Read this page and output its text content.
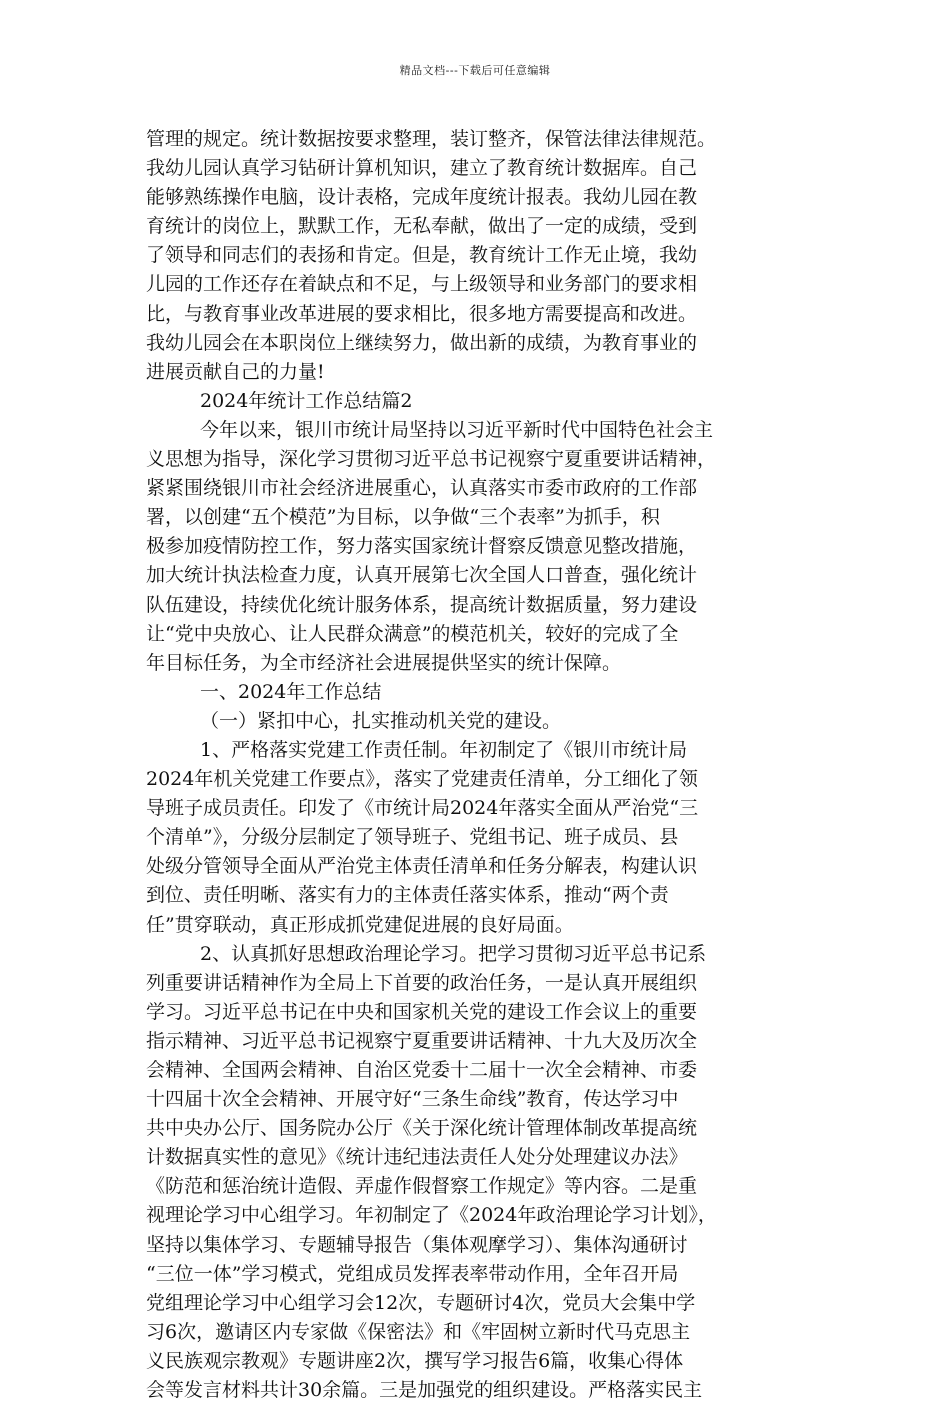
精品文档---下载后可任意编辑
管理的规定。统计数据按要求整理，装订整齐，保管法律法律规范。
我幼儿园认真学习钻研计算机知识，建立了教育统计数据库。自己
能够熟练操作电脑，设计表格，完成年度统计报表。我幼儿园在教
育统计的岗位上，默默工作，无私奉献，做出了一定的成绩，受到
了领导和同志们的表扬和肯定。但是，教育统计工作无止境，我幼
儿园的工作还存在着缺点和不足，与上级领导和业务部门的要求相
比，与教育事业改革进展的要求相比，很多地方需要提高和改进。
我幼儿园会在本职岗位上继续努力，做出新的成绩，为教育事业的
进展贡献自己的力量!
2024年统计工作总结篇2
今年以来，银川市统计局坚持以习近平新时代中国特色社会主
义思想为指导，深化学习贯彻习近平总书记视察宁夏重要讲话精神，
紧紧围绕银川市社会经济进展重心，认真落实市委市政府的工作部
署，以创建“五个模范”为目标，以争做“三个表率”为抓手，积
极参加疫情防控工作，努力落实国家统计督察反馈意见整改措施，
加大统计执法检查力度，认真开展第七次全国人口普查，强化统计
队伍建设，持续优化统计服务体系，提高统计数据质量，努力建设
让“党中央放心、让人民群众满意”的模范机关，较好的完成了全
年目标任务，为全市经济社会进展提供坚实的统计保障。
一、2024年工作总结
（一）紧扣中心，扎实推动机关党的建设。
1、严格落实党建工作责任制。年初制定了《银川市统计局
2024年机关党建工作要点》，落实了党建责任清单，分工细化了领
导班子成员责任。印发了《市统计局2024年落实全面从严治党“三
个清单”》，分级分层制定了领导班子、党组书记、班子成员、县
处级分管领导全面从严治党主体责任清单和任务分解表，构建认识
到位、责任明晰、落实有力的主体责任落实体系，推动“两个责
任”贯穿联动，真正形成抓党建促进展的良好局面。
2、认真抓好思想政治理论学习。把学习贯彻习近平总书记系
列重要讲话精神作为全局上下首要的政治任务，一是认真开展组织
学习。习近平总书记在中央和国家机关党的建设工作会议上的重要
指示精神、习近平总书记视察宁夏重要讲话精神、十九大及历次全
会精神、全国两会精神、自治区党委十二届十一次全会精神、市委
十四届十次全会精神、开展守好“三条生命线”教育，传达学习中
共中央办公厅、国务院办公厅《关于深化统计管理体制改革提高统
计数据真实性的意见》《统计违纪违法责任人处分处理建议办法》
《防范和惩治统计造假、弄虚作假督察工作规定》等内容。二是重
视理论学习中心组学习。年初制定了《2024年政治理论学习计划》，
坚持以集体学习、专题辅导报告（集体观摩学习）、集体沟通研讨
“三位一体”学习模式，党组成员发挥表率带动作用，全年召开局
党组理论学习中心组学习会12次，专题研讨4次，党员大会集中学
习6次，邀请区内专家做《保密法》和《牢固树立新时代马克思主
义民族观宗教观》专题讲座2次，撰写学习报告6篇，收集心得体
会等发言材料共计30余篇。三是加强党的组织建设。严格落实民主
